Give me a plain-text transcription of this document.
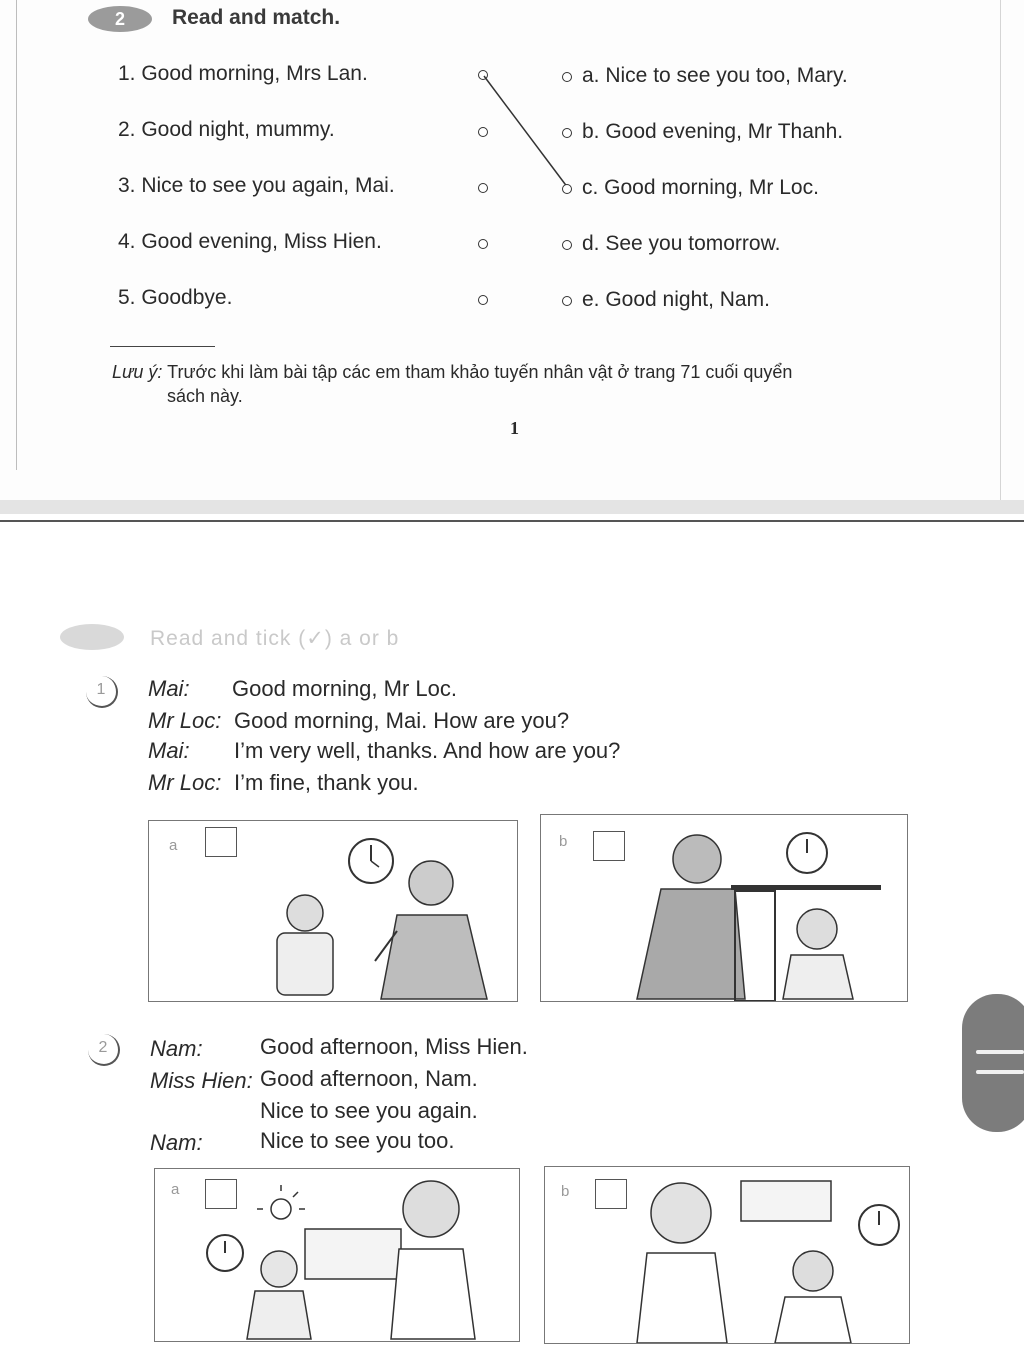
2	Read and match.
1. Good morning, Mrs Lan.
2. Good night, mummy.
3. Nice to see you again, Mai.
4. Good evening, Miss Hien.
5. Goodbye.
a. Nice to see you too, Mary.
b. Good evening, Mr Thanh.
c. Good morning, Mr Loc.
d. See you tomorrow.
e. Good night, Nam.
Lưu ý: Trước khi làm bài tập các em tham khảo tuyến nhân vật ở trang 71 cuối quyển
sách này.
1
Read and tick (✓) a or b
1	Mai: Good morning, Mr Loc.
Mr Loc: Good morning, Mai. How are you?
Mai: I’m very well, thanks. And how are you?
Mr Loc: I’m fine, thank you.
a	b
2	Nam:	Good afternoon, Miss Hien.
Miss Hien: Good afternoon, Nam.
Nice to see you again.
Nam:	Nice to see you too.
a	b
